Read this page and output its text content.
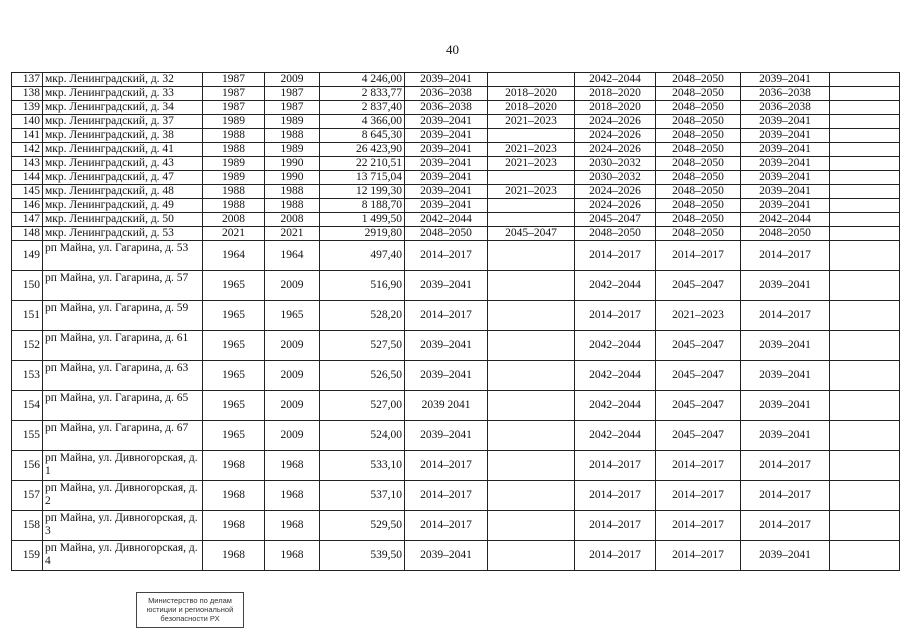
40
137	мкр. Ленинградский, д. 32	1987	2009	4 246,00	2039–2041		2042–2044	2048–2050	2039–2041	
138	мкр. Ленинградский, д. 33	1987	1987	2 833,77	2036–2038	2018–2020	2018–2020	2048–2050	2036–2038	
139	мкр. Ленинградский, д. 34	1987	1987	2 837,40	2036–2038	2018–2020	2018–2020	2048–2050	2036–2038	
140	мкр. Ленинградский, д. 37	1989	1989	4 366,00	2039–2041	2021–2023	2024–2026	2048–2050	2039–2041	
141	мкр. Ленинградский, д. 38	1988	1988	8 645,30	2039–2041		2024–2026	2048–2050	2039–2041	
142	мкр. Ленинградский, д. 41	1988	1989	26 423,90	2039–2041	2021–2023	2024–2026	2048–2050	2039–2041	
143	мкр. Ленинградский, д. 43	1989	1990	22 210,51	2039–2041	2021–2023	2030–2032	2048–2050	2039–2041	
144	мкр. Ленинградский, д. 47	1989	1990	13 715,04	2039–2041		2030–2032	2048–2050	2039–2041	
145	мкр. Ленинградский, д. 48	1988	1988	12 199,30	2039–2041	2021–2023	2024–2026	2048–2050	2039–2041	
146	мкр. Ленинградский, д. 49	1988	1988	8 188,70	2039–2041		2024–2026	2048–2050	2039–2041	
147	мкр. Ленинградский, д. 50	2008	2008	1 499,50	2042–2044		2045–2047	2048–2050	2042–2044	
148	мкр. Ленинградский, д. 53	2021	2021	2919,80	2048–2050	2045–2047	2048–2050	2048–2050	2048–2050	
149	рп Майна, ул. Гагарина, д. 53	1964	1964	497,40	2014–2017		2014–2017	2014–2017	2014–2017	
150	рп Майна, ул. Гагарина, д. 57	1965	2009	516,90	2039–2041		2042–2044	2045–2047	2039–2041	
151	рп Майна, ул. Гагарина, д. 59	1965	1965	528,20	2014–2017		2014–2017	2021–2023	2014–2017	
152	рп Майна, ул. Гагарина, д. 61	1965	2009	527,50	2039–2041		2042–2044	2045–2047	2039–2041	
153	рп Майна, ул. Гагарина, д. 63	1965	2009	526,50	2039–2041		2042–2044	2045–2047	2039–2041	
154	рп Майна, ул. Гагарина, д. 65	1965	2009	527,00	2039 2041		2042–2044	2045–2047	2039–2041	
155	рп Майна, ул. Гагарина, д. 67	1965	2009	524,00	2039–2041		2042–2044	2045–2047	2039–2041	
156	рп Майна, ул. Дивногорская, д. 1	1968	1968	533,10	2014–2017		2014–2017	2014–2017	2014–2017	
157	рп Майна, ул. Дивногорская, д. 2	1968	1968	537,10	2014–2017		2014–2017	2014–2017	2014–2017	
158	рп Майна, ул. Дивногорская, д. 3	1968	1968	529,50	2014–2017		2014–2017	2014–2017	2014–2017	
159	рп Майна, ул. Дивногорская, д. 4	1968	1968	539,50	2039–2041		2014–2017	2014–2017	2039–2041	
Министерство по делам
юстиции и региональной
безопасности РХ
